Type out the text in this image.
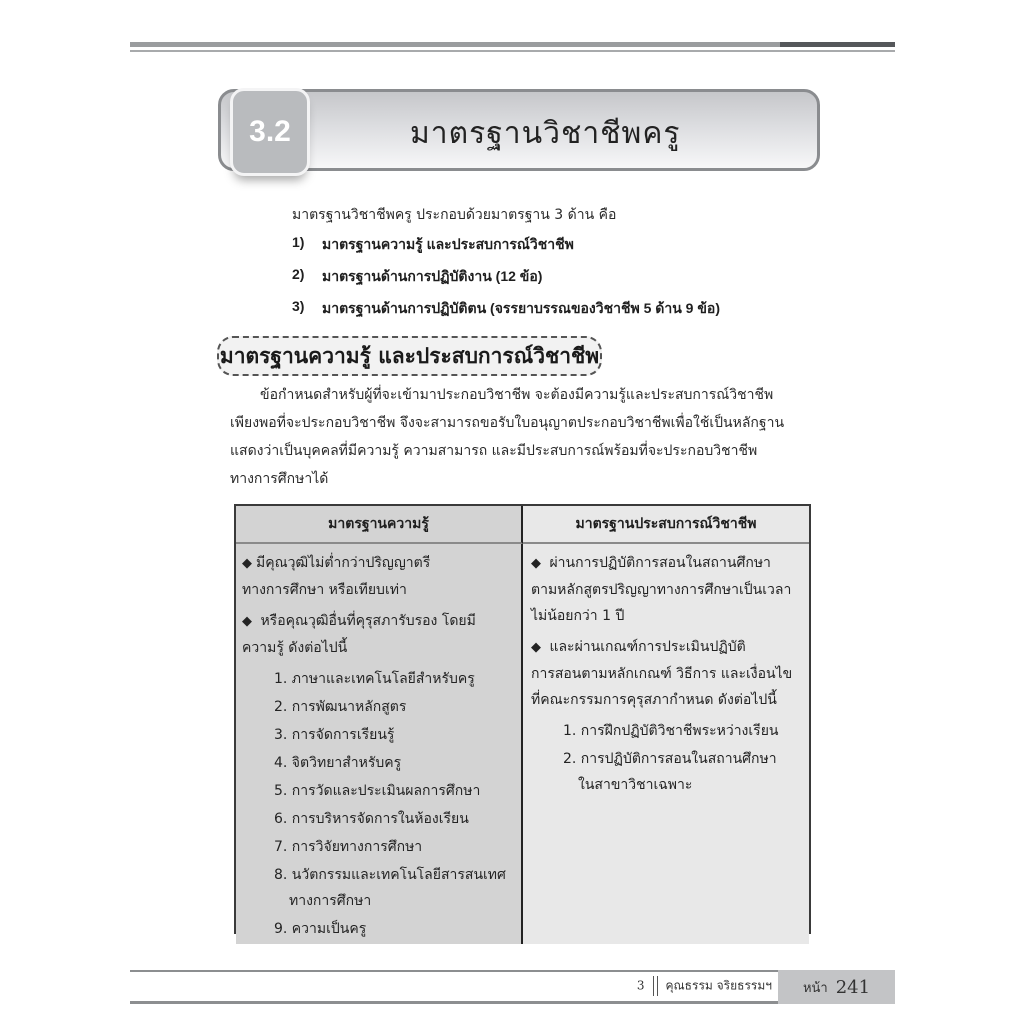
3.2	มาตรฐานวิชาชีพครู
มาตรฐานวิชาชีพครู ประกอบด้วยมาตรฐาน 3 ด้าน คือ
1)	มาตรฐานความรู้ และประสบการณ์วิชาชีพ
2)	มาตรฐานด้านการปฏิบัติงาน (12 ข้อ)
3)	มาตรฐานด้านการปฏิบัติตน (จรรยาบรรณของวิชาชีพ 5 ด้าน 9 ข้อ)
มาตรฐานความรู้ และประสบการณ์วิชาชีพ
ข้อกำหนดสำหรับผู้ที่จะเข้ามาประกอบวิชาชีพ จะต้องมีความรู้และประสบการณ์วิชาชีพ
เพียงพอที่จะประกอบวิชาชีพ จึงจะสามารถขอรับใบอนุญาตประกอบวิชาชีพเพื่อใช้เป็นหลักฐาน
แสดงว่าเป็นบุคคลที่มีความรู้ ความสามารถ และมีประสบการณ์พร้อมที่จะประกอบวิชาชีพ
ทางการศึกษาได้
มาตรฐานความรู้	มาตรฐานประสบการณ์วิชาชีพ
◆ มีคุณวุฒิไม่ต่ำกว่าปริญญาตรี
ทางการศึกษา หรือเทียบเท่า
◆ หรือคุณวุฒิอื่นที่คุรุสภารับรอง โดยมี
ความรู้ ดังต่อไปนี้
1. ภาษาและเทคโนโลยีสำหรับครู
2. การพัฒนาหลักสูตร
3. การจัดการเรียนรู้
4. จิตวิทยาสำหรับครู
5. การวัดและประเมินผลการศึกษา
6. การบริหารจัดการในห้องเรียน
7. การวิจัยทางการศึกษา
8. นวัตกรรมและเทคโนโลยีสารสนเทศ
ทางการศึกษา
9. ความเป็นครู
◆ ผ่านการปฏิบัติการสอนในสถานศึกษา
ตามหลักสูตรปริญญาทางการศึกษาเป็นเวลา
ไม่น้อยกว่า 1 ปี
◆ และผ่านเกณฑ์การประเมินปฏิบัติ
การสอนตามหลักเกณฑ์ วิธีการ และเงื่อนไข
ที่คณะกรรมการคุรุสภากำหนด ดังต่อไปนี้
1. การฝึกปฏิบัติวิชาชีพระหว่างเรียน
2. การปฏิบัติการสอนในสถานศึกษา
ในสาขาวิชาเฉพาะ
3 คุณธรรม จริยธรรมฯ หน้า 241
